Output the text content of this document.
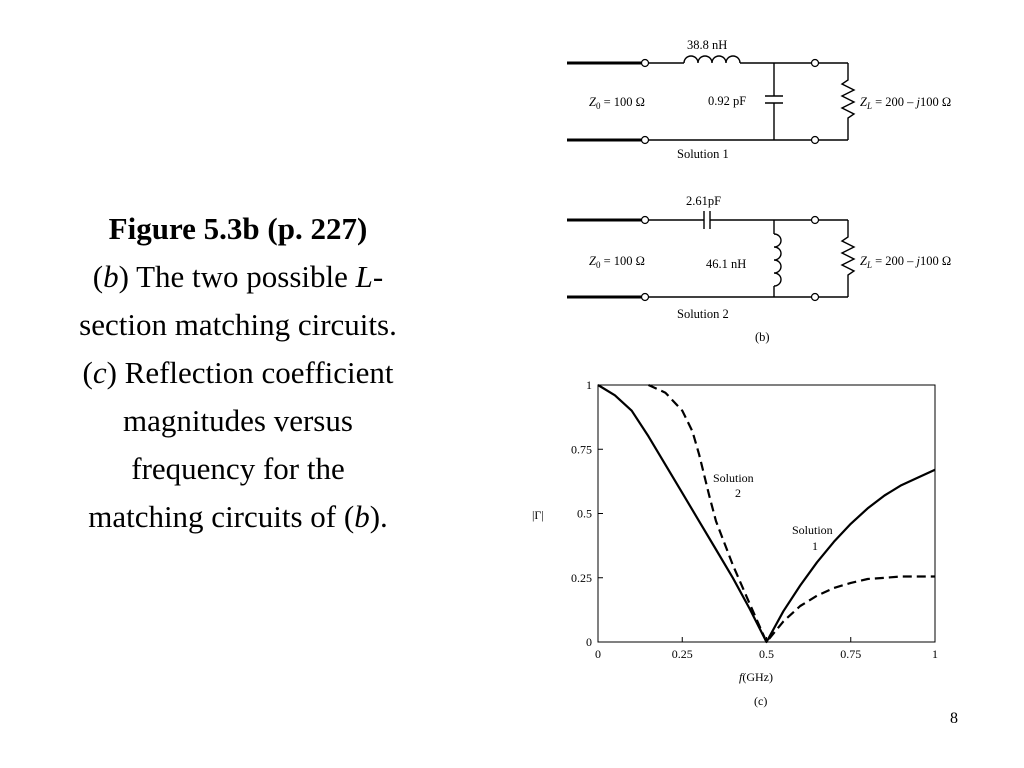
Figure 5.3b (p. 227)
(b) The two possible L-
section matching circuits.
(c) Reflection coefficient
magnitudes versus
frequency for the
matching circuits of (b).
38.8 nH
0.92 pF
$Z_0 = 100$ Ω	$Z_L = 200 - j100$ Ω
Solution 1
2.61pF
46.1 nH
$Z_0 = 100$ Ω	$Z_L = 200 - j100$ Ω
Solution 2
(b)
0	0.25	0.5	0.75	1
0
0.25
0.5
0.75
1
|Γ|
f(GHz)
(c)
Solution
2
Solution
1
8
